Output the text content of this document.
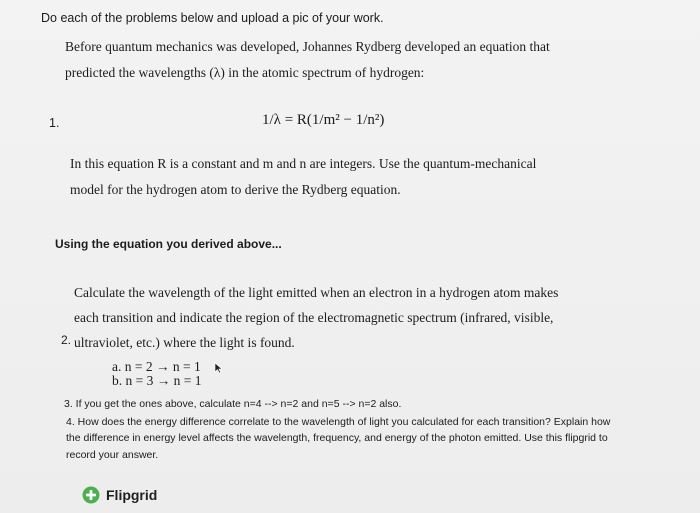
Do each of the problems below and upload a pic of your work.
Before quantum mechanics was developed, Johannes Rydberg developed an equation that
predicted the wavelengths (λ) in the atomic spectrum of hydrogen:
1.	1/λ = R(1/m² − 1/n²)
In this equation R is a constant and m and n are integers. Use the quantum-mechanical
model for the hydrogen atom to derive the Rydberg equation.
Using the equation you derived above...
Calculate the wavelength of the light emitted when an electron in a hydrogen atom makes
each transition and indicate the region of the electromagnetic spectrum (infrared, visible,
2. ultraviolet, etc.) where the light is found.
a. n = 2 → n = 1
b. n = 3 → n = 1
3. If you get the ones above, calculate n=4 --> n=2 and n=5 --> n=2 also.
4. How does the energy difference correlate to the wavelength of light you calculated for each transition? Explain how
the difference in energy level affects the wavelength, frequency, and energy of the photon emitted. Use this flipgrid to
record your answer.
Flipgrid
